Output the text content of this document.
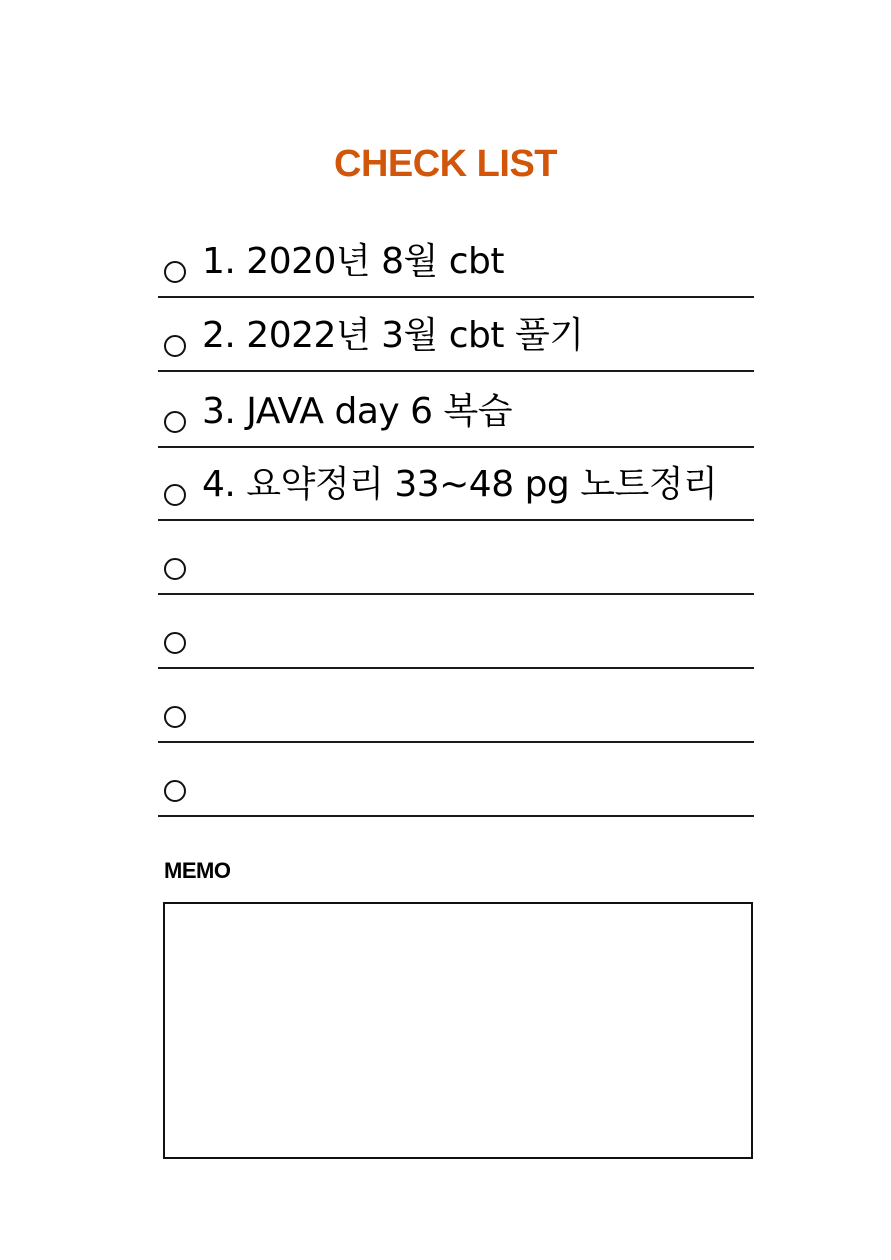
CHECK LIST
1. 2020년 8월 cbt
2. 2022년 3월 cbt 풀기
3. JAVA day 6 복습
4. 요약정리 33~48 pg 노트정리
MEMO
